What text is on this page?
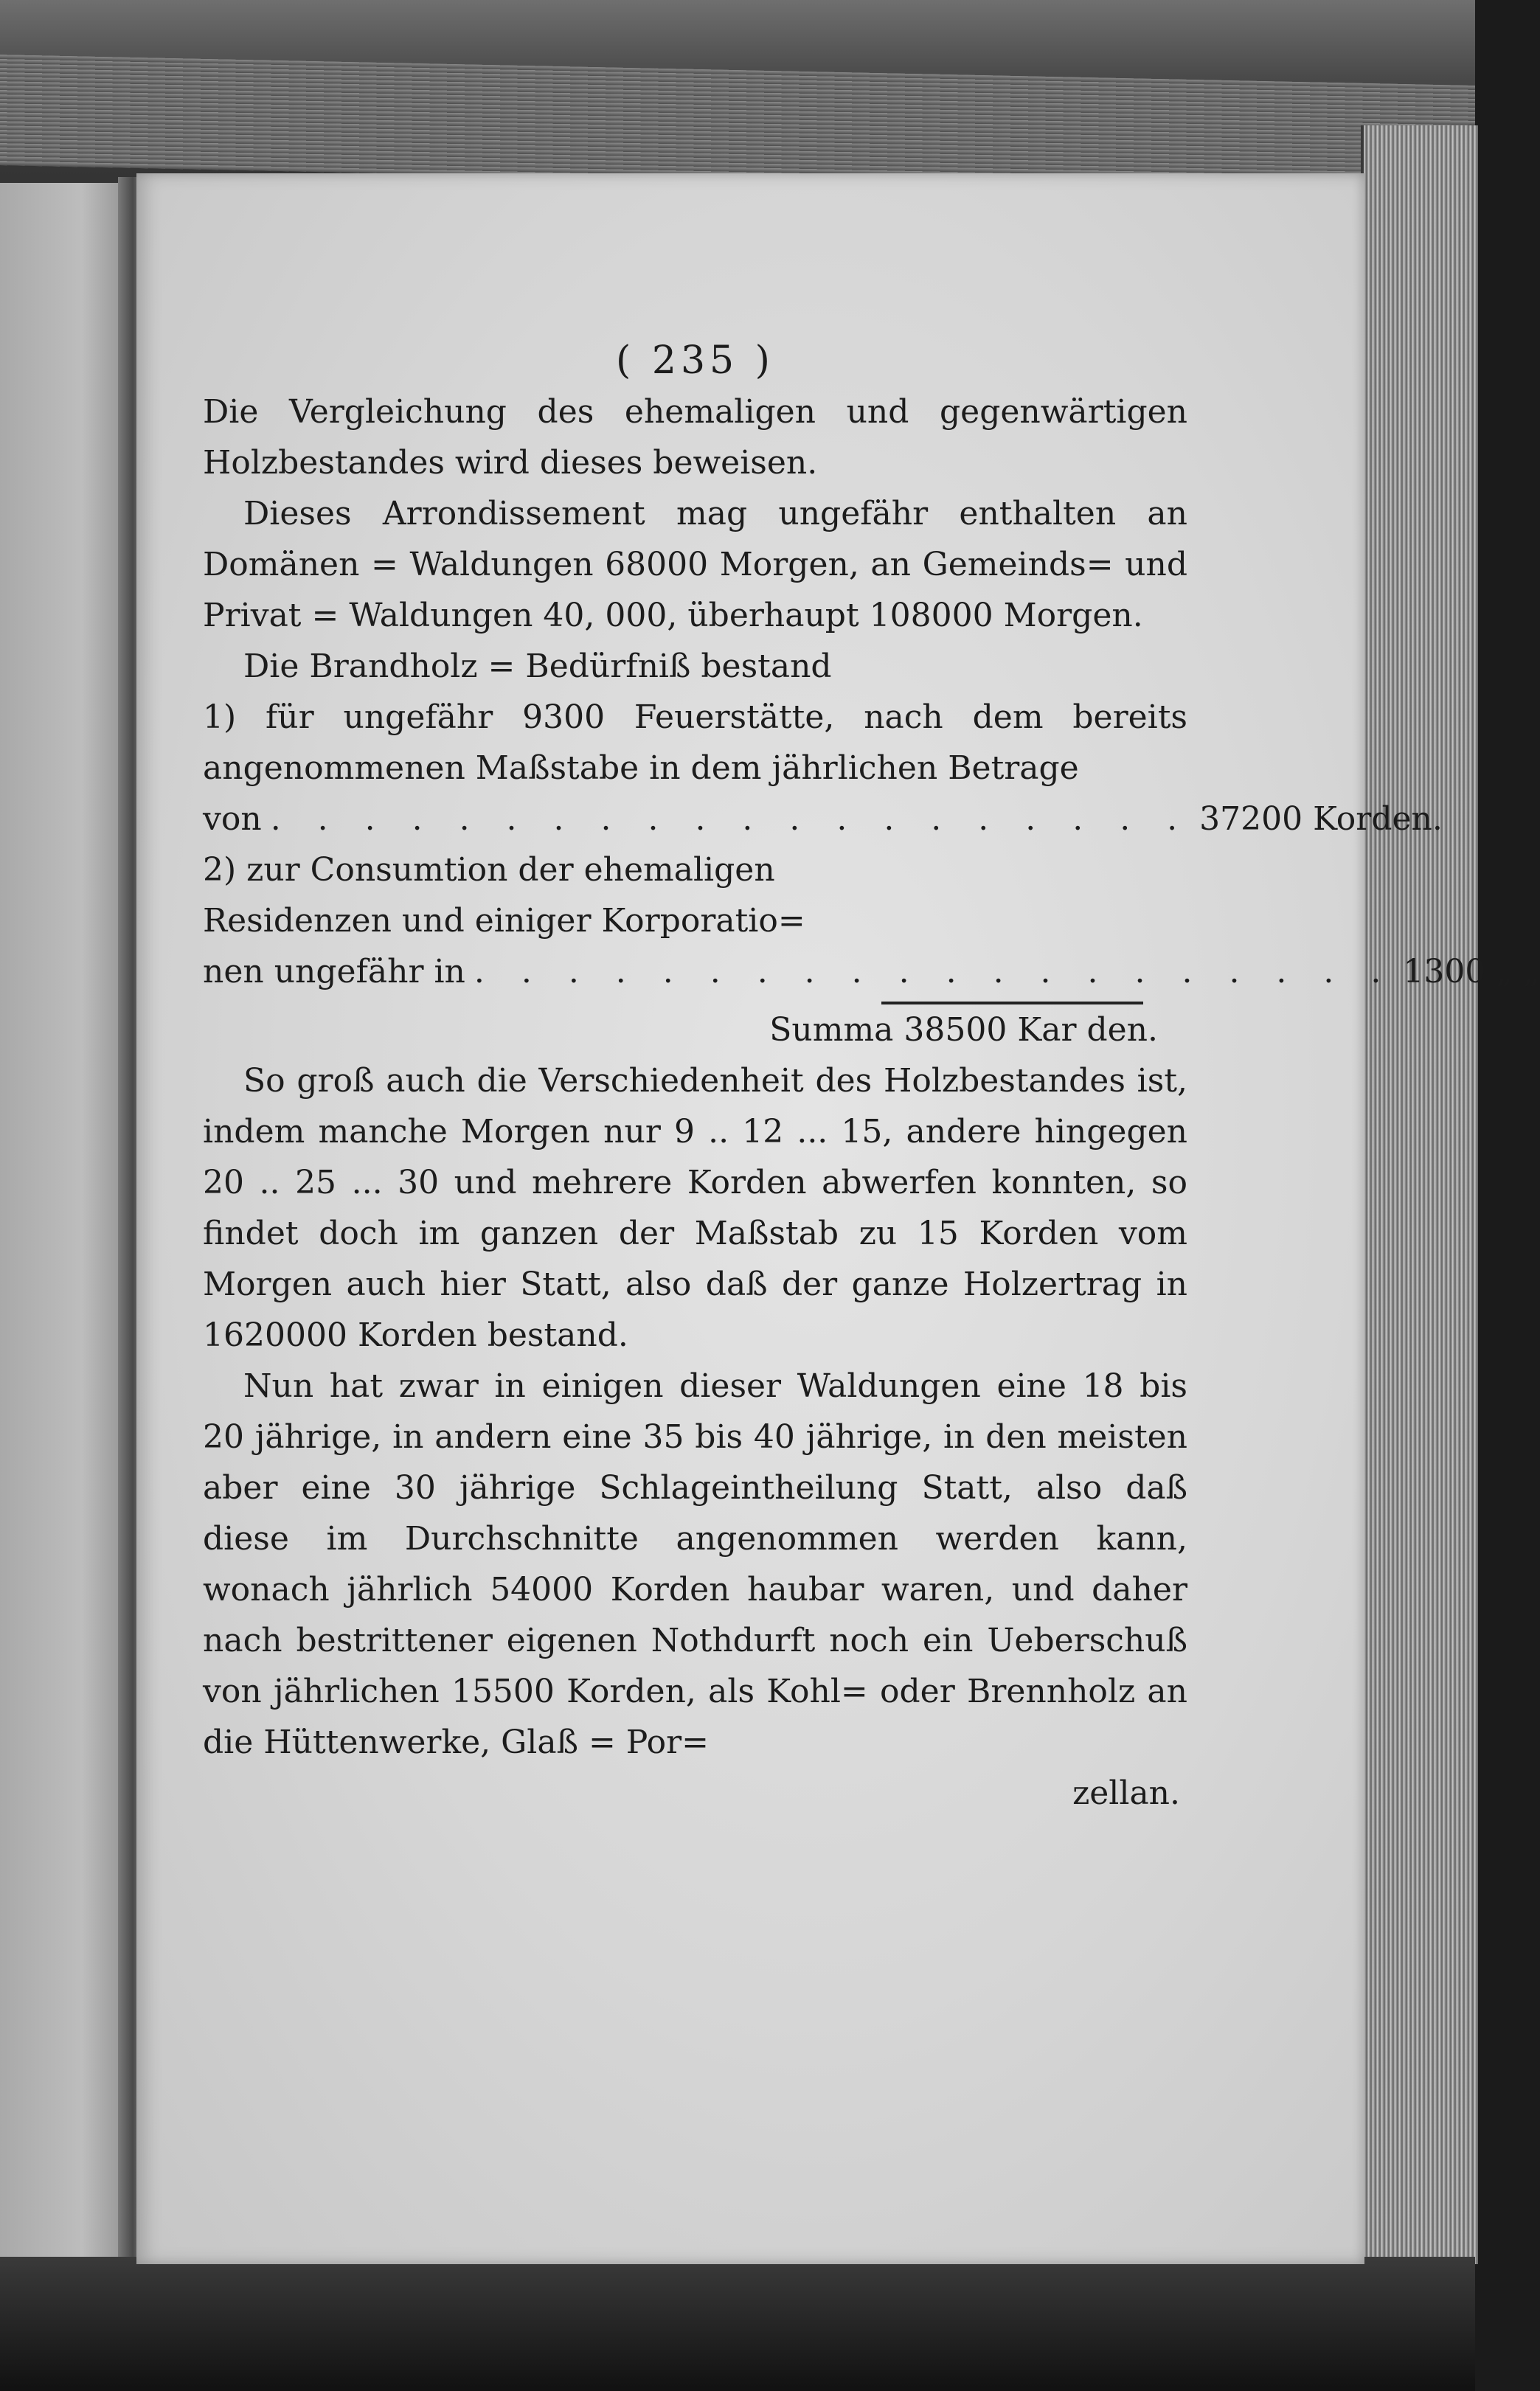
( 235 )

Die Vergleichung des ehemaligen und gegenwärtigen Holzbestandes wird dieses beweisen.

Dieses Arrondissement mag ungefähr enthalten an Domänen = Waldungen 68000 Morgen, an Gemeinds= und Privat = Waldungen 40, 000, überhaupt 108000 Morgen.

Die Brandholz = Bedürfniß bestand

1) für ungefähr 9300 Feuerstätte, nach dem bereits angenommenen Maßstabe in dem jährlichen Betrage

von . . . . . . . . . . . . . . . . . . . . 37200 Korden.
2) zur Consumtion der ehemaligen
Residenzen und einiger Korporatio=
nen ungefähr in . . . . . . . . . . . . . . . . . . . . 1300 „ „
Summa 38500 Kar den.

So groß auch die Verschiedenheit des Holzbestandes ist, indem manche Morgen nur 9 .. 12 ... 15, andere hingegen 20 .. 25 ... 30 und mehrere Korden abwerfen konnten, so findet doch im ganzen der Maßstab zu 15 Korden vom Morgen auch hier Statt, also daß der ganze Holzertrag in 1620000 Korden bestand.

Nun hat zwar in einigen dieser Waldungen eine 18 bis 20 jährige, in andern eine 35 bis 40 jährige, in den meisten aber eine 30 jährige Schlageintheilung Statt, also daß diese im Durchschnitte angenommen werden kann, wonach jährlich 54000 Korden haubar waren, und daher nach bestrittener eigenen Nothdurft noch ein Ueberschuß von jährlichen 15500 Korden, als Kohl= oder Brennholz an die Hüttenwerke, Glaß = Por=

zellan.
